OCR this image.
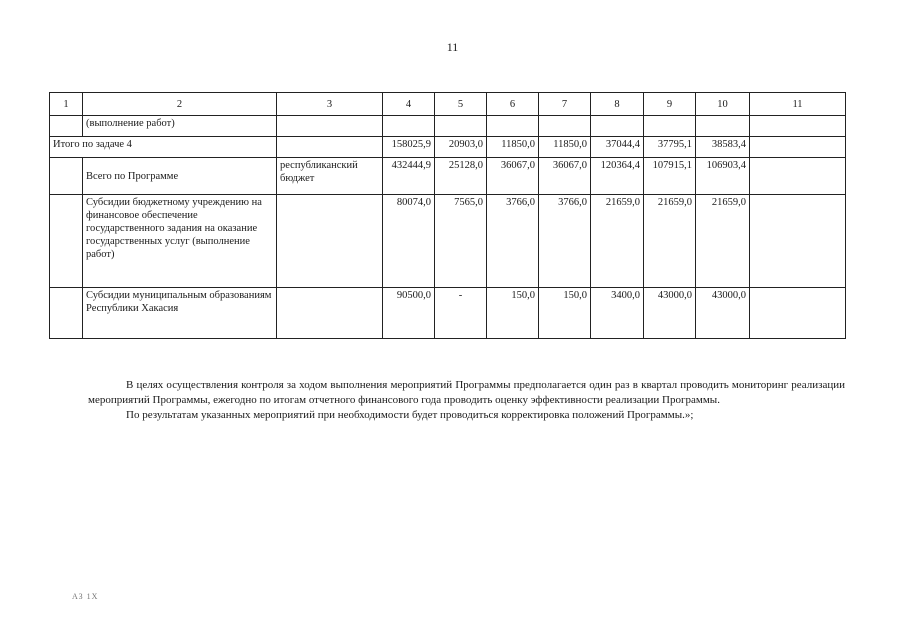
11
1	2	3	4	5	6	7	8	9	10	11
	(выполнение работ)									
Итого по задаче 4			158025,9	20903,0	11850,0	11850,0	37044,4	37795,1	38583,4	
	Всего по Программе	республиканский бюджет	432444,9	25128,0	36067,0	36067,0	120364,4	107915,1	106903,4	
	Субсидии бюджетному учреждению на финансовое обеспечение государственного задания на оказание государственных услуг (выполнение работ)		80074,0	7565,0	3766,0	3766,0	21659,0	21659,0	21659,0	
	Субсидии муниципальным образованиям Республики Хакасия		90500,0	-	150,0	150,0	3400,0	43000,0	43000,0	

В целях осуществления контроля за ходом выполнения мероприятий Программы предполагается один раз в квартал проводить мониторинг реализации мероприятий Программы, ежегодно по итогам отчетного финансового года проводить оценку эффективности реализации Программы.

По результатам указанных мероприятий при необходимости будет проводиться корректировка положений Программы.»;

АЗ 1Х
